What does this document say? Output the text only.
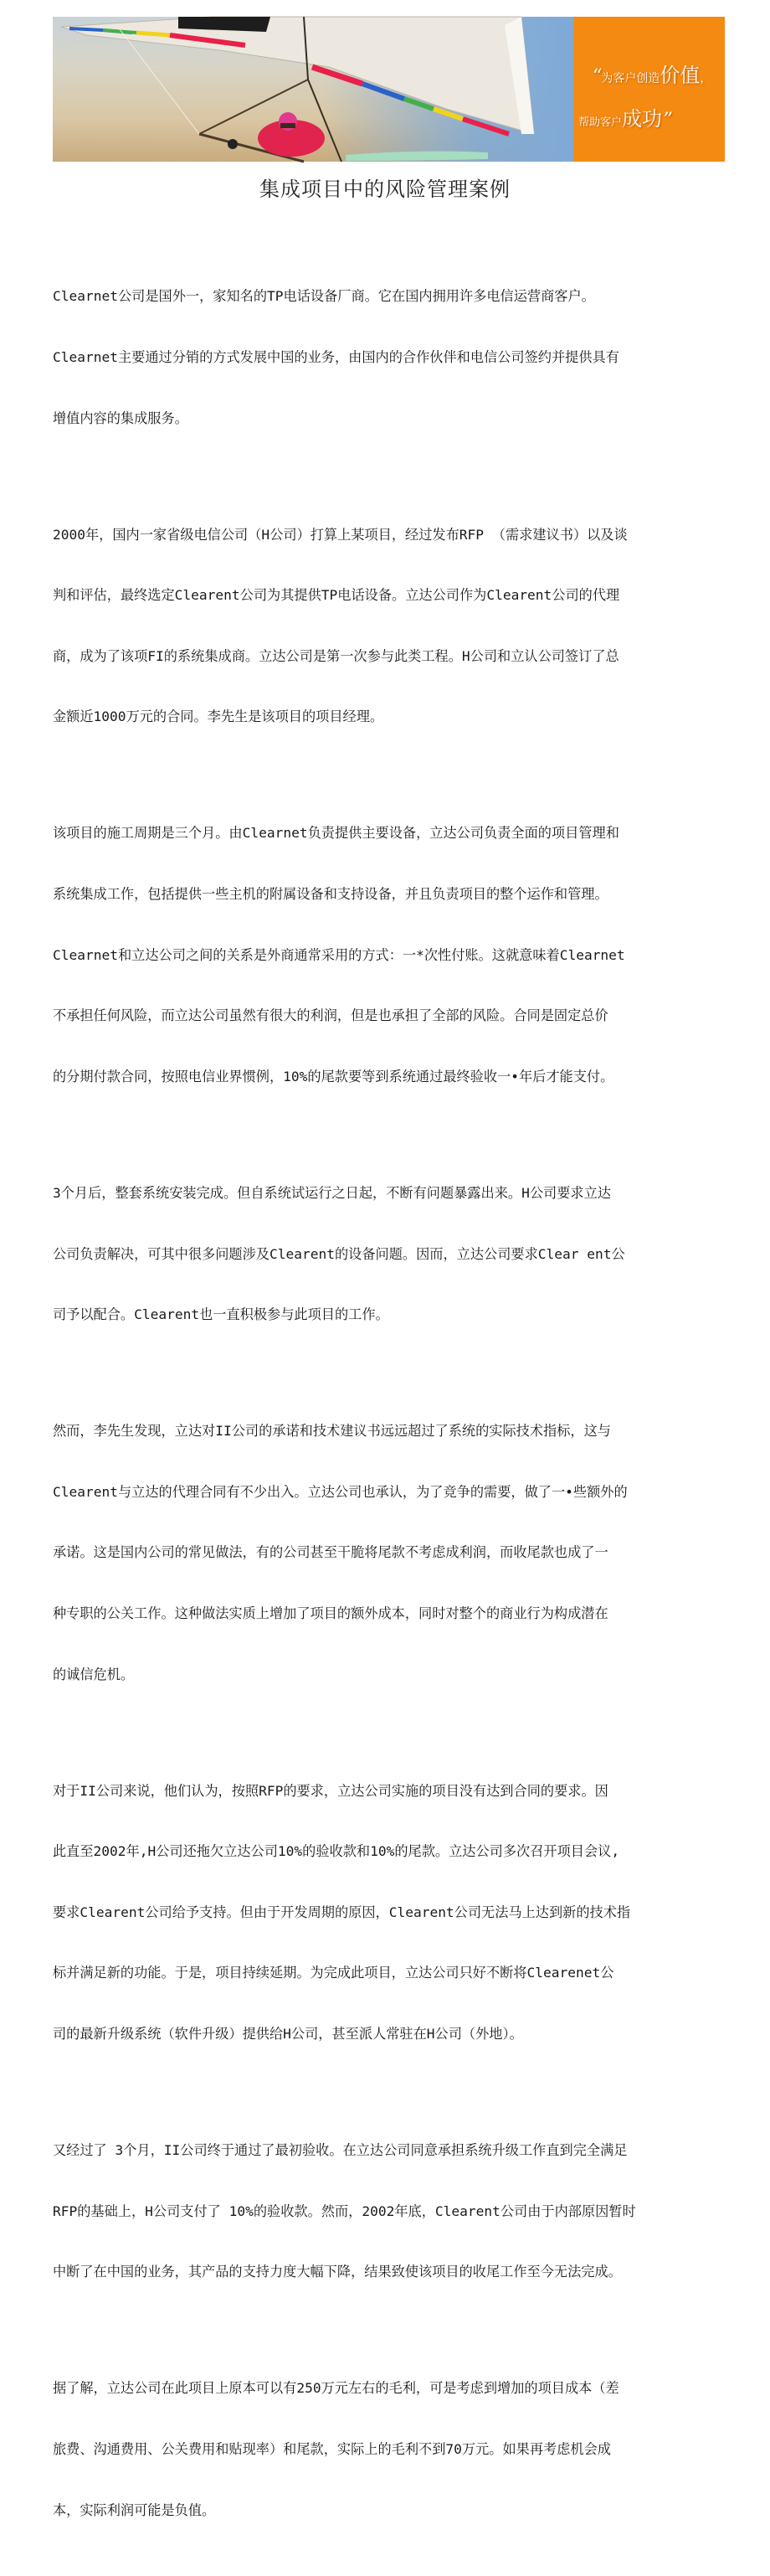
“为客户创造价值，
帮助客户成功”
集成项目中的风险管理案例

Clearnet公司是国外一，家知名的TP电话设备厂商。它在国内拥用许多电信运营商客户。

Clearnet主要通过分销的方式发展中国的业务，由国内的合作伙伴和电信公司签约并提供具有

增值内容的集成服务。

2000年，国内一家省级电信公司（H公司）打算上某项目，经过发布RFP （需求建议书）以及谈

判和评估，最终选定Clearent公司为其提供TP电话设备。立达公司作为Clearent公司的代理

商，成为了该项FI的系统集成商。立达公司是第一次参与此类工程。H公司和立认公司签订了总

金额近1000万元的合同。李先生是该项目的项目经理。

该项目的施工周期是三个月。由Clearnet负责提供主要设备，立达公司负责全面的项目管理和

系统集成工作，包括提供一些主机的附属设备和支持设备，并且负责项目的整个运作和管理。

Clearnet和立达公司之间的关系是外商通常采用的方式：一*次性付账。这就意味着Clearnet

不承担任何风险，而立达公司虽然有很大的利润，但是也承担了全部的风险。合同是固定总价

的分期付款合同，按照电信业界惯例，10%的尾款要等到系统通过最终验收一•年后才能支付。

3个月后，整套系统安装完成。但自系统试运行之日起，不断有问题暴露出来。H公司要求立达

公司负责解决，可其中很多问题涉及Clearent的设备问题。因而，立达公司要求Clear ent公

司予以配合。Clearent也一直积极参与此项目的工作。

然而，李先生发现，立达对II公司的承诺和技术建议书远远超过了系统的实际技术指标，这与

Clearent与立达的代理合同有不少出入。立达公司也承认，为了竞争的需要，做了一•些额外的

承诺。这是国内公司的常见做法，有的公司甚至干脆将尾款不考虑成利润，而收尾款也成了一

种专职的公关工作。这种做法实质上增加了项目的额外成本，同时对整个的商业行为构成潜在

的诚信危机。

对于II公司来说，他们认为，按照RFP的要求，立达公司实施的项目没有达到合同的要求。因

此直至2002年,H公司还拖欠立达公司10%的验收款和10%的尾款。立达公司多次召开项目会议,

要求Clearent公司给予支持。但由于开发周期的原因，Clearent公司无法马上达到新的技术指

标并满足新的功能。于是，项目持续延期。为完成此项目，立达公司只好不断将Clearenet公

司的最新升级系统（软件升级）提供给H公司，甚至派人常驻在H公司（外地）。

又经过了 3个月，II公司终于通过了最初验收。在立达公司同意承担系统升级工作直到完全满足

RFP的基础上，H公司支付了 10%的验收款。然而，2002年底，Clearent公司由于内部原因暂时

中断了在中国的业务，其产品的支持力度大幅下降，结果致使该项目的收尾工作至今无法完成。

据了解，立达公司在此项目上原本可以有250万元左右的毛利，可是考虑到增加的项目成本（差

旅费、沟通费用、公关费用和贴现率）和尾款，实际上的毛利不到70万元。如果再考虑机会成

本，实际利润可能是负值。
